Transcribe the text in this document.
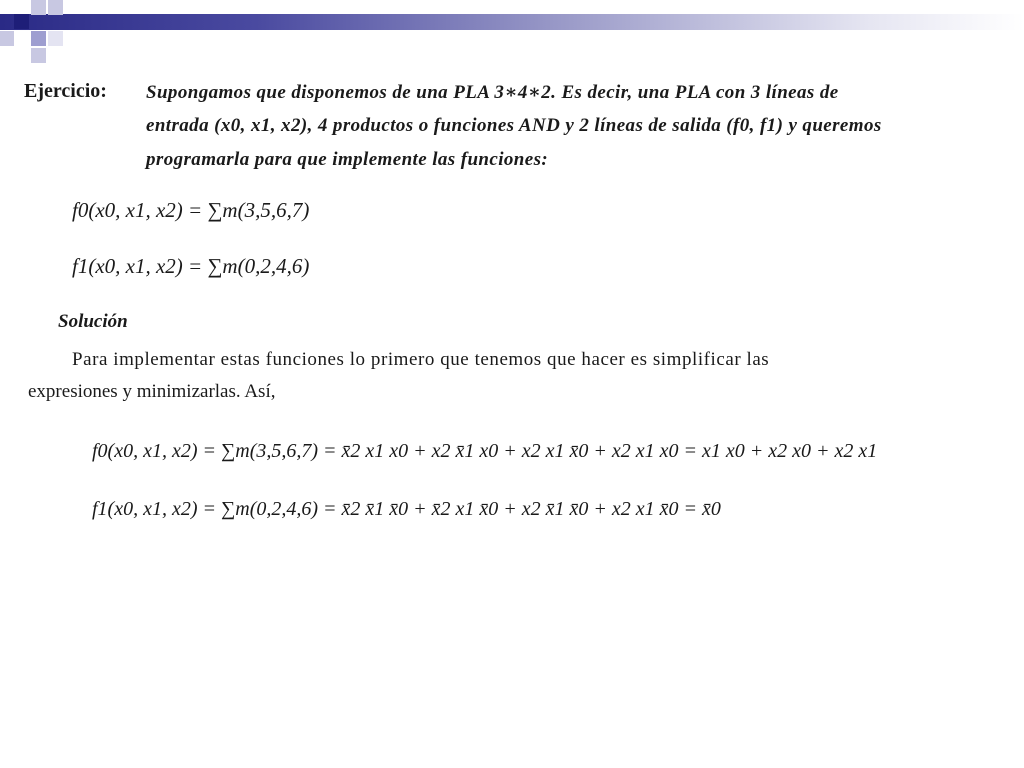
Ejercicio: Supongamos que disponemos de una PLA 3∗4∗2. Es decir, una PLA con 3 líneas de
entrada (x0, x1, x2), 4 productos o funciones AND y 2 líneas de salida (f0, f1) y queremos
programarla para que implemente las funciones:
f0(x0, x1, x2) = ∑m(3,5,6,7)
f1(x0, x1, x2) = ∑m(0,2,4,6)
Solución
Para implementar estas funciones lo primero que tenemos que hacer es simplificar las
expresiones y minimizarlas. Así,
f0(x0, x1, x2) = ∑m(3,5,6,7) = x̄2 x1 x0 + x2 x̄1 x0 + x2 x1 x̄0 + x2 x1 x0 = x1 x0 + x2 x0 + x2 x1
f1(x0, x1, x2) = ∑m(0,2,4,6) = x̄2 x̄1 x̄0 + x̄2 x1 x̄0 + x2 x̄1 x̄0 + x2 x1 x̄0 = x̄0
